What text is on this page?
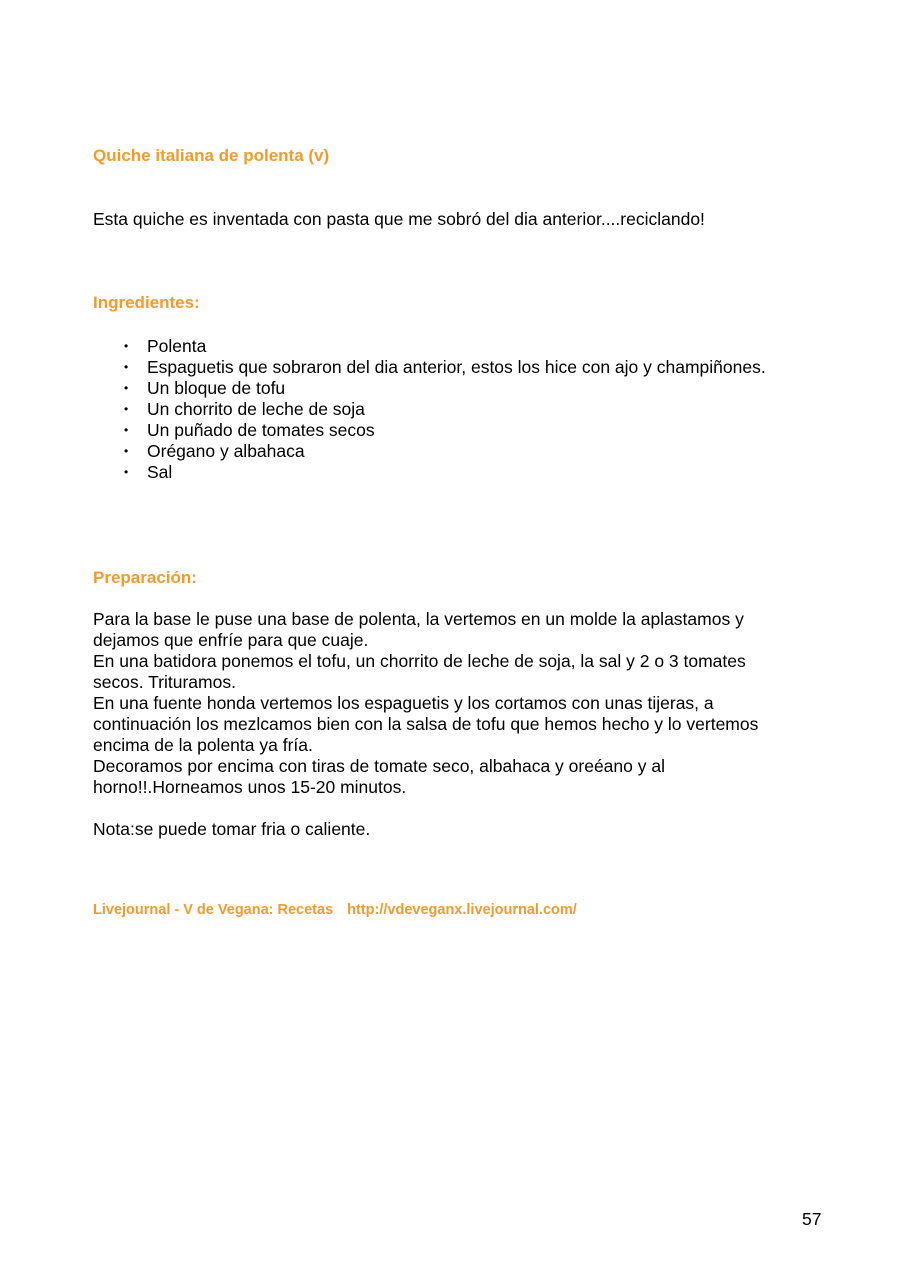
Quiche italiana de polenta (v)

Esta quiche es inventada con pasta que me sobró del dia anterior....reciclando!

Ingredientes:
• Polenta
• Espaguetis que sobraron del dia anterior, estos los hice con ajo y champiñones.
• Un bloque de tofu
• Un chorrito de leche de soja
• Un puñado de tomates secos
• Orégano y albahaca
• Sal
Preparación:

Para la base le puse una base de polenta, la vertemos en un molde la aplastamos y

dejamos que enfríe para que cuaje.

En una batidora ponemos el tofu, un chorrito de leche de soja, la sal y 2 o 3 tomates

secos. Trituramos.

En una fuente honda vertemos los espaguetis y los cortamos con unas tijeras, a

continuación los mezlcamos bien con la salsa de tofu que hemos hecho y lo vertemos

encima de la polenta ya fría.

Decoramos por encima con tiras de tomate seco, albahaca y oreéano y al

horno!!.Horneamos unos 15-20 minutos.

Nota:se puede tomar fria o caliente.

Livejournal - V de Vegana: Recetas http://vdeveganx.livejournal.com/

57
